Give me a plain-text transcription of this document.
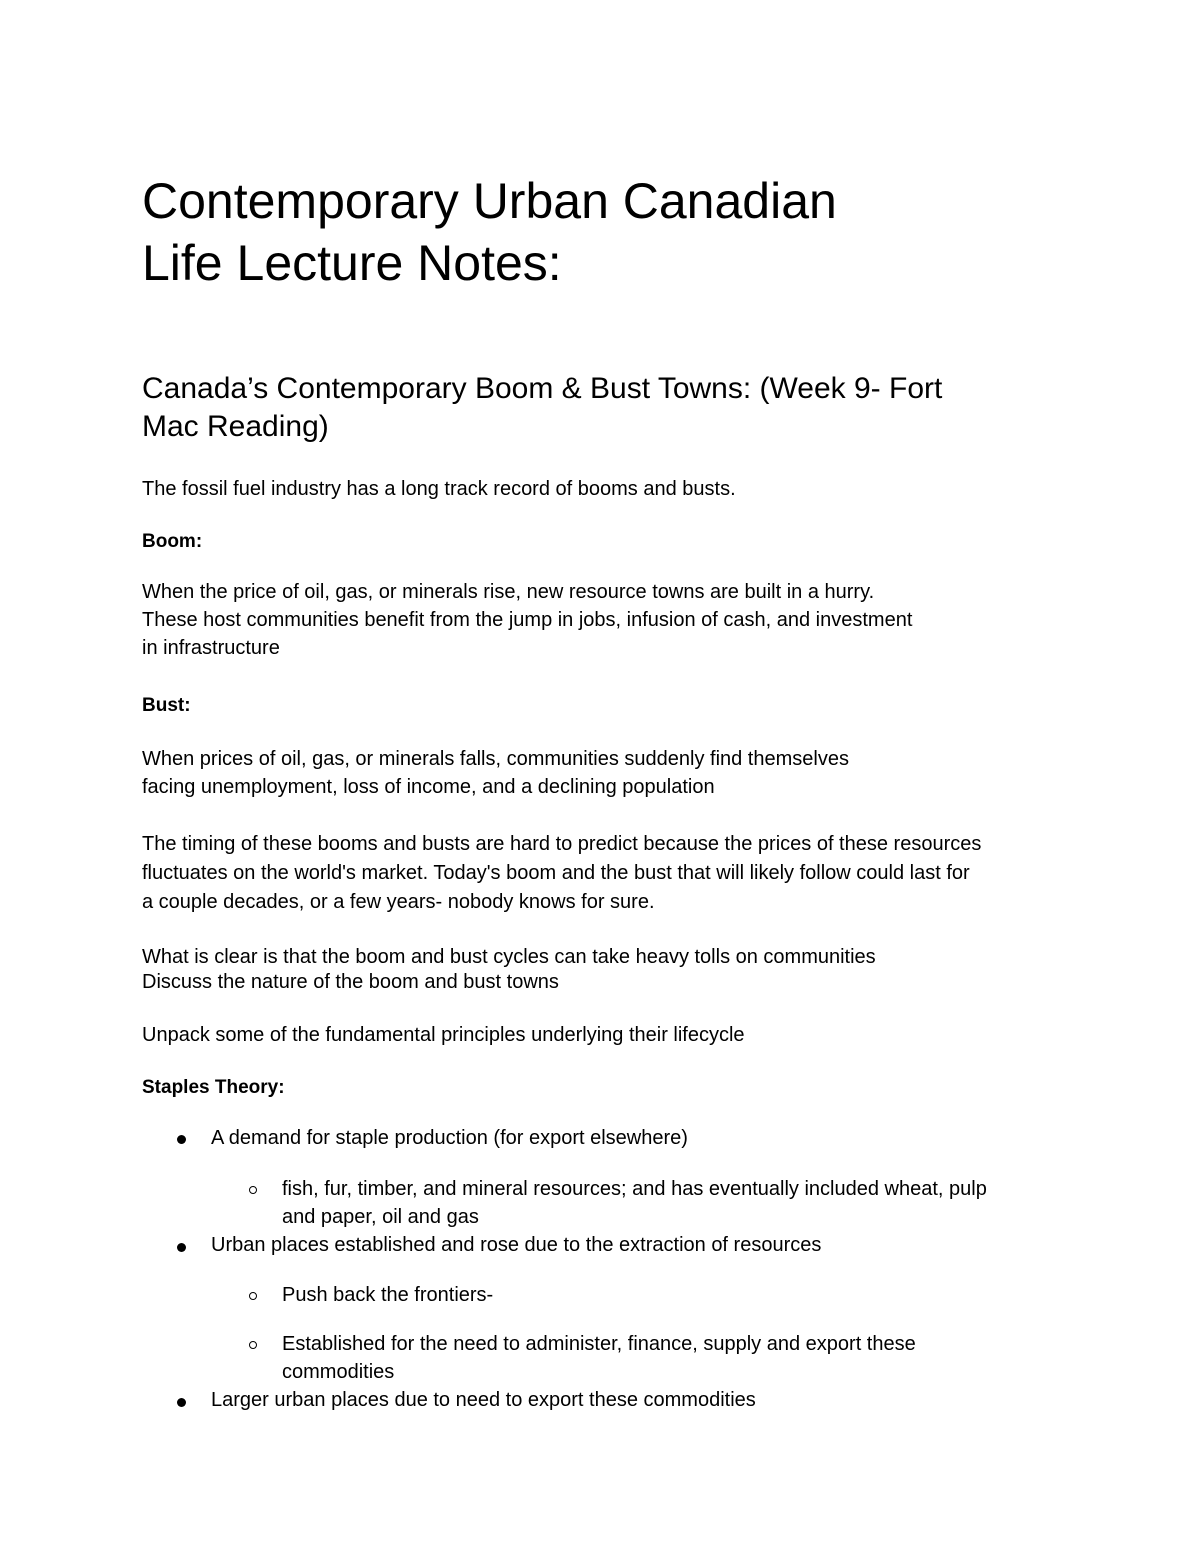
Contemporary Urban Canadian
Life Lecture Notes:
Canada’s Contemporary Boom & Bust Towns: (Week 9- Fort
Mac Reading)

The fossil fuel industry has a long track record of booms and busts.

Boom:

When the price of oil, gas, or minerals rise, new resource towns are built in a hurry.
These host communities benefit from the jump in jobs, infusion of cash, and investment
in infrastructure

Bust:

When prices of oil, gas, or minerals falls, communities suddenly find themselves
facing unemployment, loss of income, and a declining population

The timing of these booms and busts are hard to predict because the prices of these resources
fluctuates on the world's market. Today's boom and the bust that will likely follow could last for
a couple decades, or a few years- nobody knows for sure.

What is clear is that the boom and bust cycles can take heavy tolls on communities
Discuss the nature of the boom and bust towns

Unpack some of the fundamental principles underlying their lifecycle

Staples Theory:

A demand for staple production (for export elsewhere)
fish, fur, timber, and mineral resources; and has eventually included wheat, pulp
and paper, oil and gas
Urban places established and rose due to the extraction of resources
Push back the frontiers-
Established for the need to administer, finance, supply and export these
commodities
Larger urban places due to need to export these commodities
